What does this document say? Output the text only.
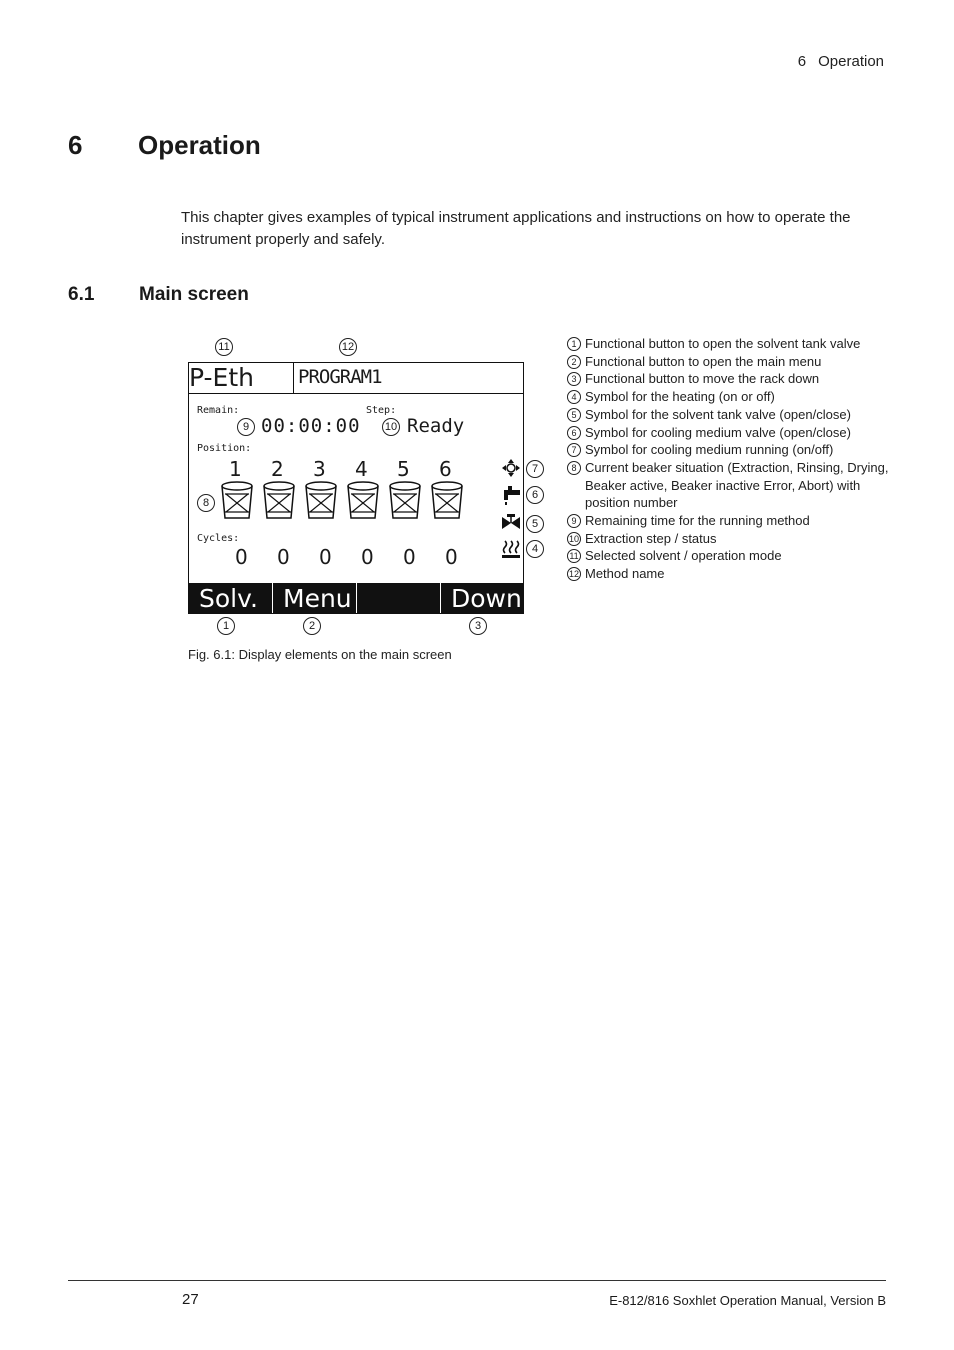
6 Operation
6 Operation
This chapter gives examples of typical instrument applications and instructions on how to operate the instrument properly and safely.
6.1 Main screen
11	12
P-Eth PROGRAM1
Remain:	Step:
9 00:00:00 10 Ready
Position:
1 2 3 4 5 6
8
Cycles:
0 0 0 0 0 0
Solv.	Menu	Down
7
6
5
4
1	2	3
Fig. 6.1: Display elements on the main screen
1 Functional button to open the solvent tank valve
2 Functional button to open the main menu
3 Functional button to move the rack down
4 Symbol for the heating (on or off)
5 Symbol for the solvent tank valve (open/close)
6 Symbol for cooling medium valve (open/close)
7 Symbol for cooling medium running (on/off)
8 Current beaker situation (Extraction, Rinsing, Drying, Beaker active, Beaker inactive Error, Abort) with position number
9 Remaining time for the running method
10 Extraction step / status
11 Selected solvent / operation mode
12 Method name
27	E-812/816 Soxhlet Operation Manual, Version B
